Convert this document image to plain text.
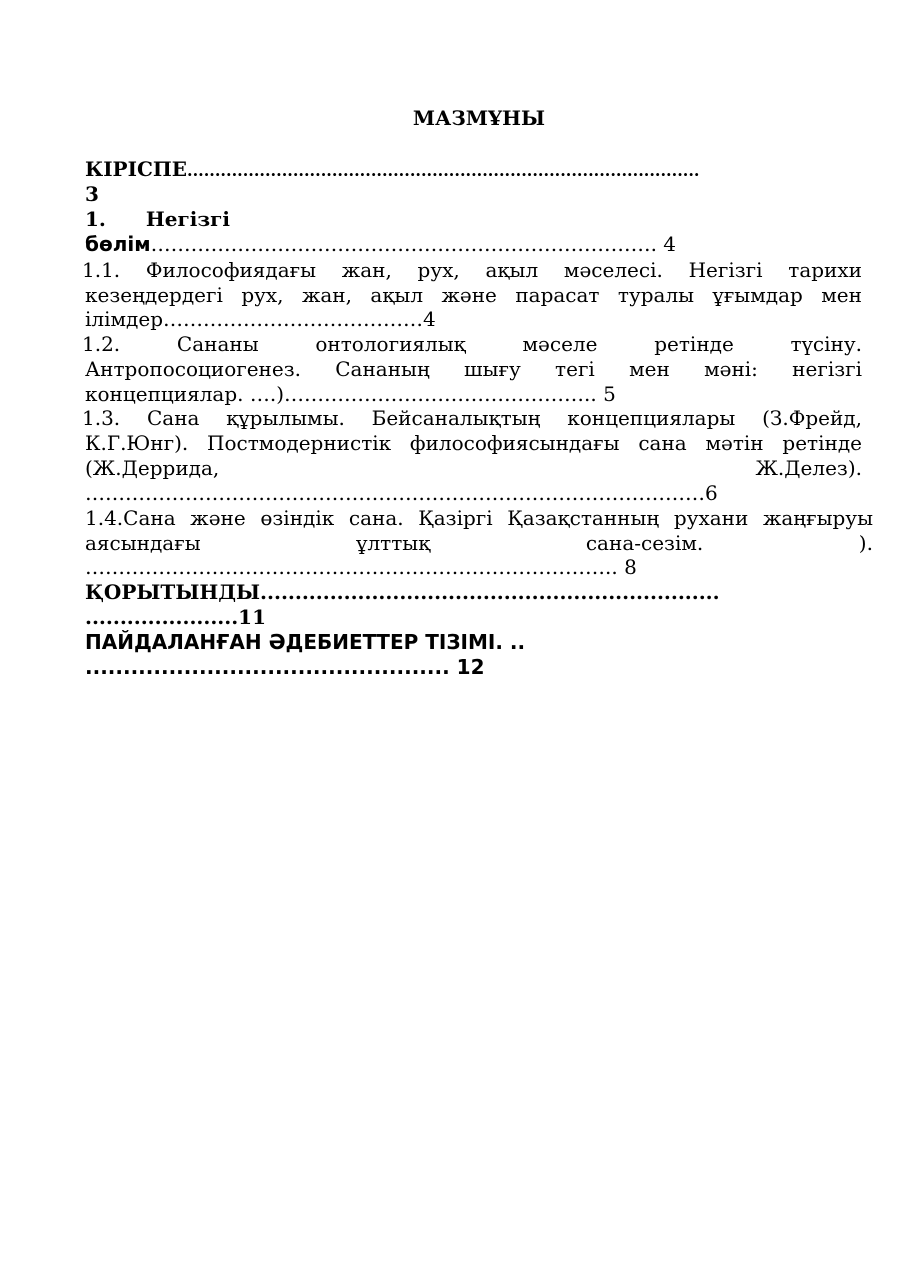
МАЗМҰНЫ
КІРІСПЕ............................................................................................
3
1. Негізгі
бөлім…………………………………………………………………. 4
1.1. Философиядағы жан, рух, ақыл мәселесі. Негізгі тарихи
кезеңдердегі рух, жан, ақыл және парасат туралы ұғымдар мен
ілімдер…………………………………4
1.2.	Сананы	онтологиялық	мәселе	ретінде	түсіну.
Антропосоциогенез. Сананың шығу тегі мен мәні: негізгі
концепциялар. ….)……………………………………….. 5
1.3. Сана құрылымы. Бейсаналықтың концепциялары (З.Фрейд,
К.Г.Юнг). Постмодернистік философиясындағы сана мәтін ретінде
(Ж.Деррида,	Ж.Делез).
…………………………………………………………………………………6
1.4.Сана және өзіндік сана. Қазіргі Қазақстанның рухани жаңғыруы
аясындағы	ұлттық	сана-сезім.	).
…………………………………………………………………….. 8
ҚОРЫТЫНДЫ..................................................................
......................11
ПАЙДАЛАНҒАН ӘДЕБИЕТТЕР ТІЗІМІ. ..
................................................ 12
